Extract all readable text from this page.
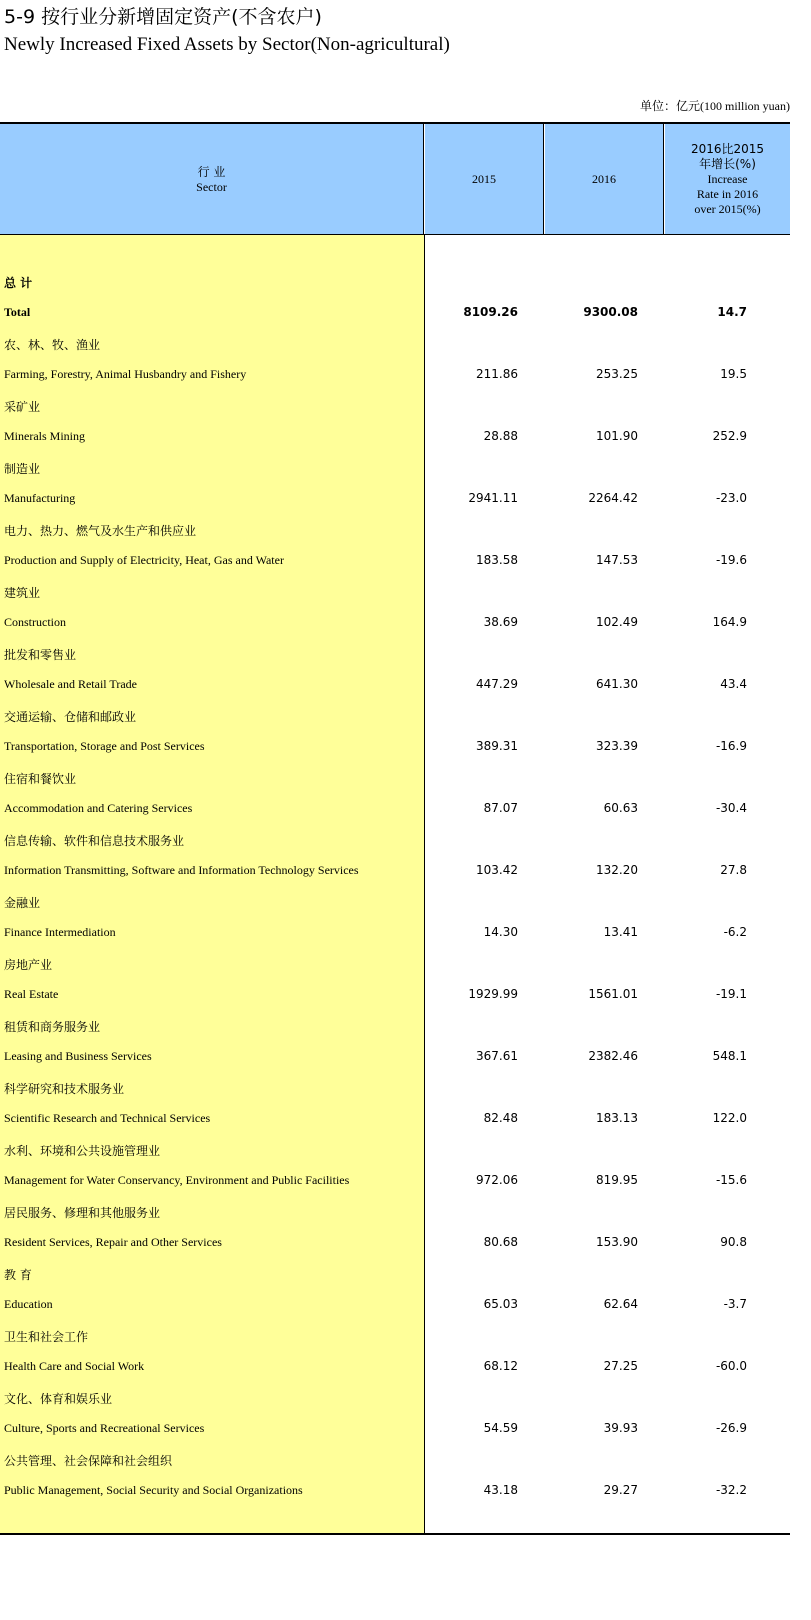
5-9 按行业分新增固定资产(不含农户)
Newly Increased Fixed Assets by Sector(Non-agricultural)
单位：亿元(100 million yuan)
行 业
Sector
2015	2016
2016比2015年增长(%)
Increase
Rate in 2016
over 2015(%)
总 计
Total	8109.26	9300.08	14.7
农、林、牧、渔业
Farming, Forestry, Animal Husbandry and Fishery	211.86	253.25	19.5
采矿业
Minerals Mining	28.88	101.90	252.9
制造业
Manufacturing	2941.11	2264.42	-23.0
电力、热力、燃气及水生产和供应业
Production and Supply of Electricity, Heat, Gas and Water	183.58	147.53	-19.6
建筑业
Construction	38.69	102.49	164.9
批发和零售业
Wholesale and Retail Trade	447.29	641.30	43.4
交通运输、仓储和邮政业
Transportation, Storage and Post Services	389.31	323.39	-16.9
住宿和餐饮业
Accommodation and Catering Services	87.07	60.63	-30.4
信息传输、软件和信息技术服务业
Information Transmitting, Software and Information Technology Services	103.42	132.20	27.8
金融业
Finance Intermediation	14.30	13.41	-6.2
房地产业
Real Estate	1929.99	1561.01	-19.1
租赁和商务服务业
Leasing and Business Services	367.61	2382.46	548.1
科学研究和技术服务业
Scientific Research and Technical Services	82.48	183.13	122.0
水利、环境和公共设施管理业
Management for Water Conservancy, Environment and Public Facilities	972.06	819.95	-15.6
居民服务、修理和其他服务业
Resident Services, Repair and Other Services	80.68	153.90	90.8
教 育
Education	65.03	62.64	-3.7
卫生和社会工作
Health Care and Social Work	68.12	27.25	-60.0
文化、体育和娱乐业
Culture, Sports and Recreational Services	54.59	39.93	-26.9
公共管理、社会保障和社会组织
Public Management, Social Security and Social Organizations	43.18	29.27	-32.2
